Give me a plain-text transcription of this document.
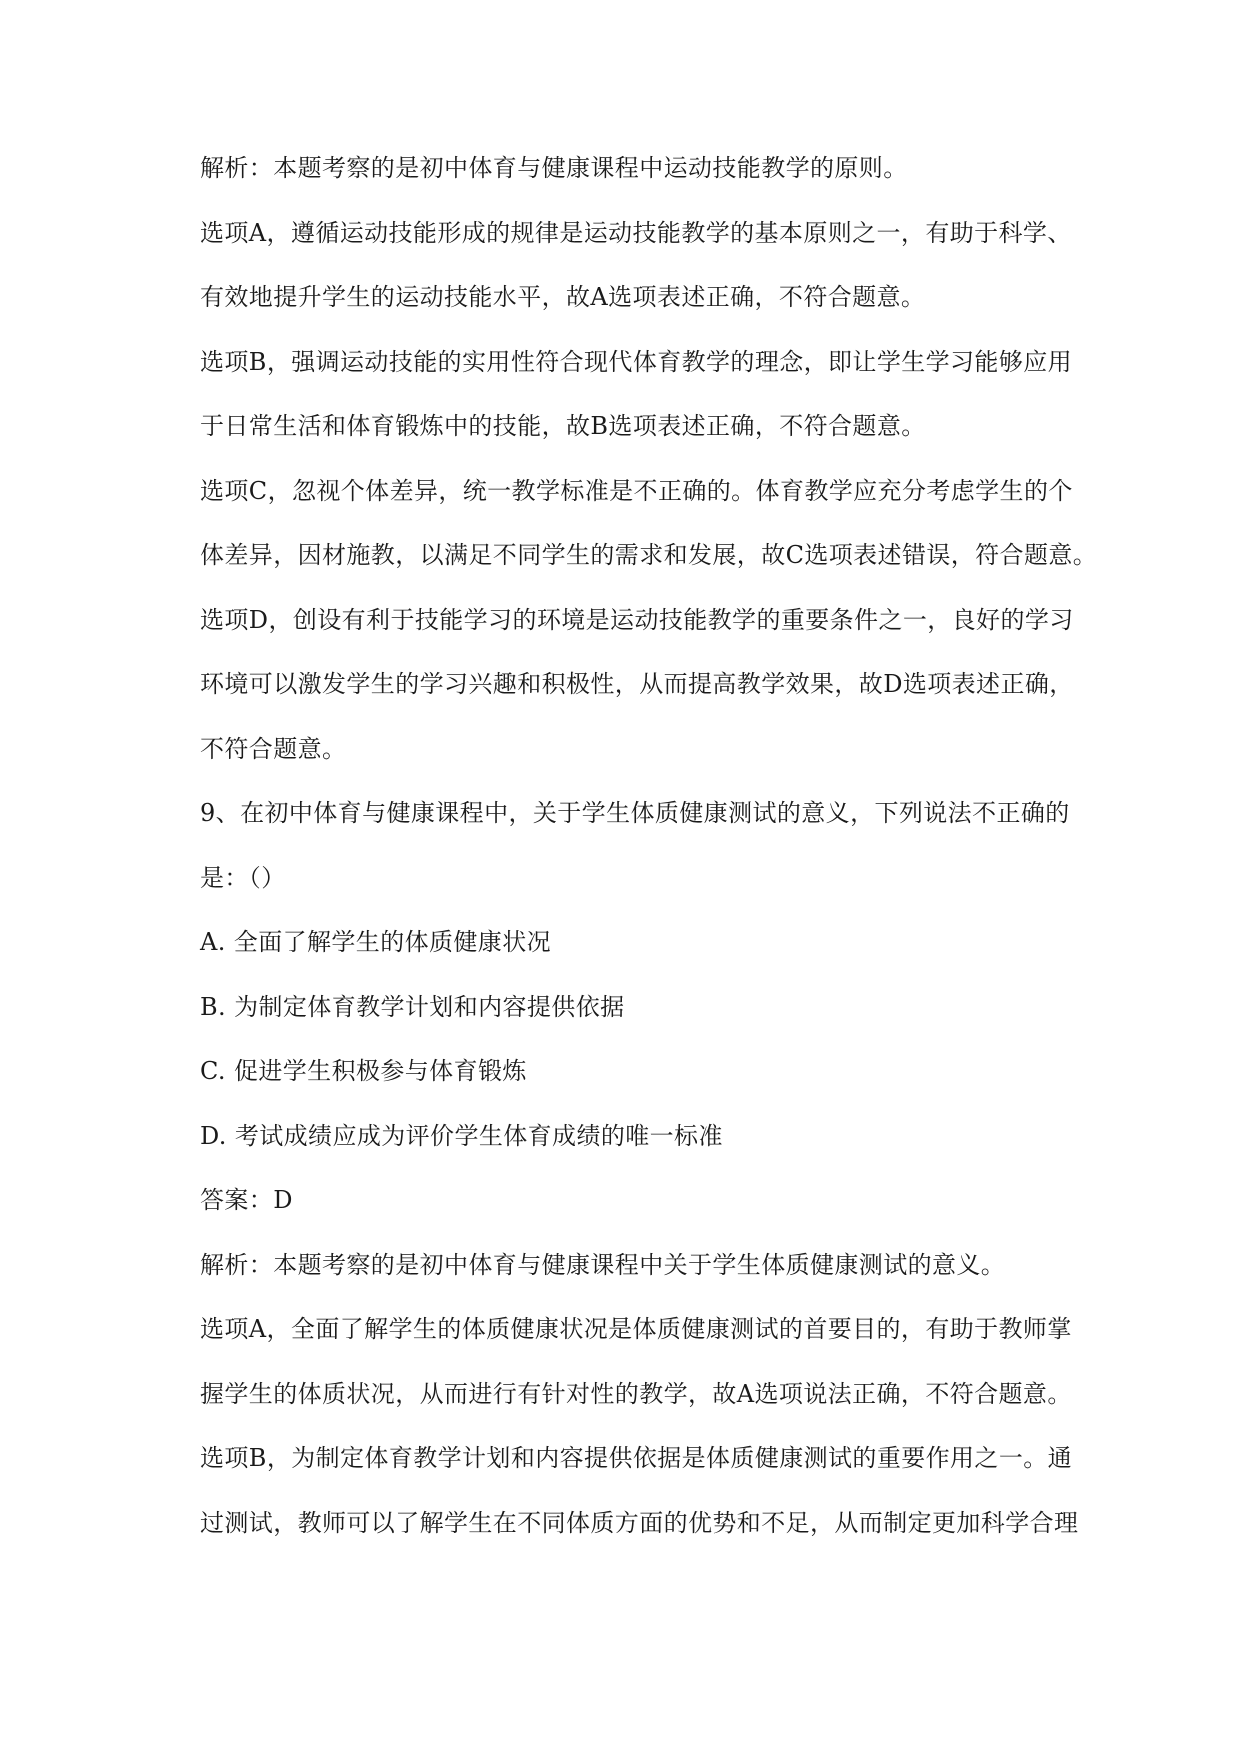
解析：本题考察的是初中体育与健康课程中运动技能教学的原则。
选项A，遵循运动技能形成的规律是运动技能教学的基本原则之一，有助于科学、
有效地提升学生的运动技能水平，故A选项表述正确，不符合题意。
选项B，强调运动技能的实用性符合现代体育教学的理念，即让学生学习能够应用
于日常生活和体育锻炼中的技能，故B选项表述正确，不符合题意。
选项C，忽视个体差异，统一教学标准是不正确的。体育教学应充分考虑学生的个
体差异，因材施教，以满足不同学生的需求和发展，故C选项表述错误，符合题意。
选项D，创设有利于技能学习的环境是运动技能教学的重要条件之一，良好的学习
环境可以激发学生的学习兴趣和积极性，从而提高教学效果，故D选项表述正确，
不符合题意。
9、在初中体育与健康课程中，关于学生体质健康测试的意义，下列说法不正确的
是：（）
A. 全面了解学生的体质健康状况
B. 为制定体育教学计划和内容提供依据
C. 促进学生积极参与体育锻炼
D. 考试成绩应成为评价学生体育成绩的唯一标准
答案：D
解析：本题考察的是初中体育与健康课程中关于学生体质健康测试的意义。
选项A，全面了解学生的体质健康状况是体质健康测试的首要目的，有助于教师掌
握学生的体质状况，从而进行有针对性的教学，故A选项说法正确，不符合题意。
选项B，为制定体育教学计划和内容提供依据是体质健康测试的重要作用之一。通
过测试，教师可以了解学生在不同体质方面的优势和不足，从而制定更加科学合理
